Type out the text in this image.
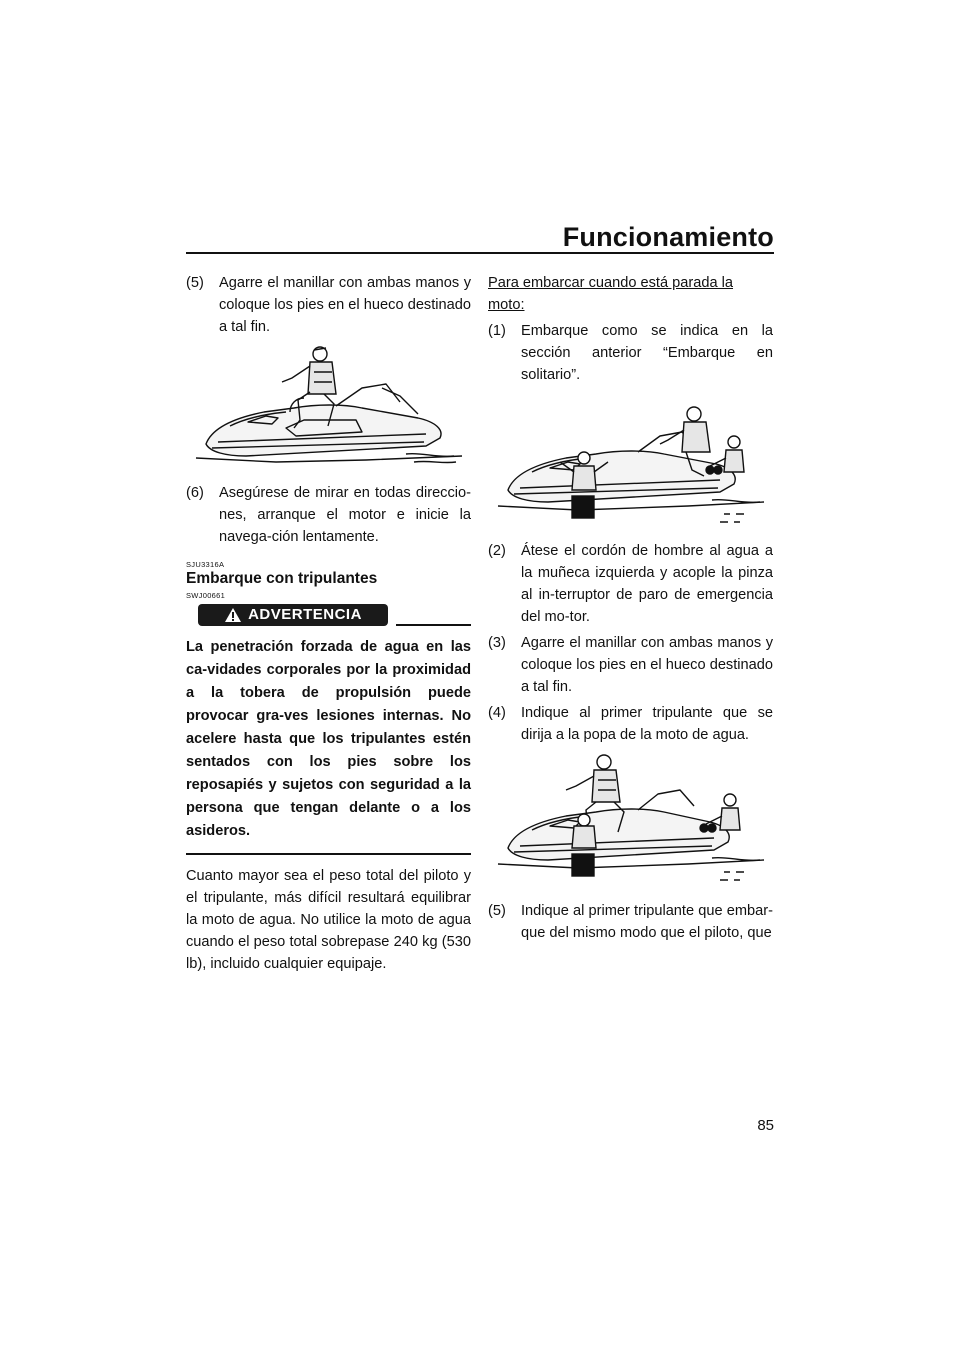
Funcionamiento
(5) Agarre el manillar con ambas manos y coloque los pies en el hueco destinado a tal fin.
(6) Asegúrese de mirar en todas direccio-nes, arranque el motor e inicie la navega-ción lentamente.
SJU3316A
Embarque con tripulantes
SWJ00661
ADVERTENCIA

La penetración forzada de agua en las ca-vidades corporales por la proximidad a la tobera de propulsión puede provocar gra-ves lesiones internas. No acelere hasta que los tripulantes estén sentados con los pies sobre los reposapiés y sujetos con seguridad a la persona que tengan delante o a los asideros.

Cuanto mayor sea el peso total del piloto y el tripulante, más difícil resultará equilibrar la moto de agua. No utilice la moto de agua cuando el peso total sobrepase 240 kg (530 lb), incluido cualquier equipaje.

Para embarcar cuando está parada la moto:

(1) Embarque como se indica en la sección anterior “Embarque en solitario”.
(2) Átese el cordón de hombre al agua a la muñeca izquierda y acople la pinza al in-terruptor de paro de emergencia del mo-tor.
(3) Agarre el manillar con ambas manos y coloque los pies en el hueco destinado a tal fin.
(4) Indique al primer tripulante que se dirija a la popa de la moto de agua.
(5) Indique al primer tripulante que embar-que del mismo modo que el piloto, que
85
